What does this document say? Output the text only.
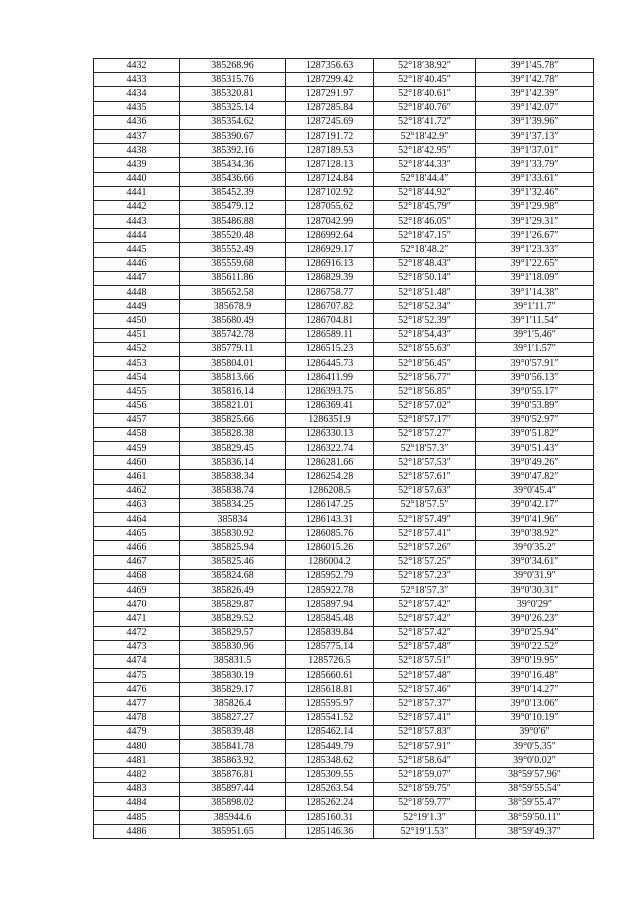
4432	385268.96	1287356.63	52°18′38.92″	39°1′45.78″
4433	385315.76	1287299.42	52°18′40.45″	39°1′42.78″
4434	385320.81	1287291.97	52°18′40.61″	39°1′42.39″
4435	385325.14	1287285.84	52°18′40.76″	39°1′42.07″
4436	385354.62	1287245.69	52°18′41.72″	39°1′39.96″
4437	385390.67	1287191.72	52°18′42.9″	39°1′37.13″
4438	385392.16	1287189.53	52°18′42.95″	39°1′37.01″
4439	385434.36	1287128.13	52°18′44.33″	39°1′33.79″
4440	385436.66	1287124.84	52°18′44.4″	39°1′33.61″
4441	385452.39	1287102.92	52°18′44.92″	39°1′32.46″
4442	385479.12	1287055.62	52°18′45.79″	39°1′29.98″
4443	385486.88	1287042.99	52°18′46.05″	39°1′29.31″
4444	385520.48	1286992.64	52°18′47.15″	39°1′26.67″
4445	385552.49	1286929.17	52°18′48.2″	39°1′23.33″
4446	385559.68	1286916.13	52°18′48.43″	39°1′22.65″
4447	385611.86	1286829.39	52°18′50.14″	39°1′18.09″
4448	385652.58	1286758.77	52°18′51.48″	39°1′14.38″
4449	385678.9	1286707.82	52°18′52.34″	39°1′11.7″
4450	385680.49	1286704.81	52°18′52.39″	39°1′11.54″
4451	385742.78	1286589.11	52°18′54.43″	39°1′5.46″
4452	385779.11	1286515.23	52°18′55.63″	39°1′1.57″
4453	385804.01	1286445.73	52°18′56.45″	39°0′57.91″
4454	385813.66	1286411.99	52°18′56.77″	39°0′56.13″
4455	385816.14	1286393.75	52°18′56.85″	39°0′55.17″
4456	385821.01	1286369.41	52°18′57.02″	39°0′53.89″
4457	385825.66	1286351.9	52°18′57.17″	39°0′52.97″
4458	385828.38	1286330.13	52°18′57.27″	39°0′51.82″
4459	385829.45	1286322.74	52°18′57.3″	39°0′51.43″
4460	385836.14	1286281.66	52°18′57.53″	39°0′49.26″
4461	385838.34	1286254.28	52°18′57.61″	39°0′47.82″
4462	385838.74	1286208.5	52°18′57.63″	39°0′45.4″
4463	385834.25	1286147.25	52°18′57.5″	39°0′42.17″
4464	385834	1286143.31	52°18′57.49″	39°0′41.96″
4465	385830.92	1286085.76	52°18′57.41″	39°0′38.92″
4466	385825.94	1286015.26	52°18′57.26″	39°0′35.2″
4467	385825.46	1286004.2	52°18′57.25″	39°0′34.61″
4468	385824.68	1285952.79	52°18′57.23″	39°0′31.9″
4469	385826.49	1285922.78	52°18′57.3″	39°0′30.31″
4470	385829.87	1285897.94	52°18′57.42″	39°0′29″
4471	385829.52	1285845.48	52°18′57.42″	39°0′26.23″
4472	385829.57	1285839.84	52°18′57.42″	39°0′25.94″
4473	385830.96	1285775.14	52°18′57.48″	39°0′22.52″
4474	385831.5	1285726.5	52°18′57.51″	39°0′19.95″
4475	385830.19	1285660.61	52°18′57.48″	39°0′16.48″
4476	385829.17	1285618.81	52°18′57.46″	39°0′14.27″
4477	385826.4	1285595.97	52°18′57.37″	39°0′13.06″
4478	385827.27	1285541.52	52°18′57.41″	39°0′10.19″
4479	385839.48	1285462.14	52°18′57.83″	39°0′6″
4480	385841.78	1285449.79	52°18′57.91″	39°0′5.35″
4481	385863.92	1285348.62	52°18′58.64″	39°0′0.02″
4482	385876.81	1285309.55	52°18′59.07″	38°59′57.96″
4483	385897.44	1285263.54	52°18′59.75″	38°59′55.54″
4484	385898.02	1285262.24	52°18′59.77″	38°59′55.47″
4485	385944.6	1285160.31	52°19′1.3″	38°59′50.11″
4486	385951.65	1285146.36	52°19′1.53″	38°59′49.37″
